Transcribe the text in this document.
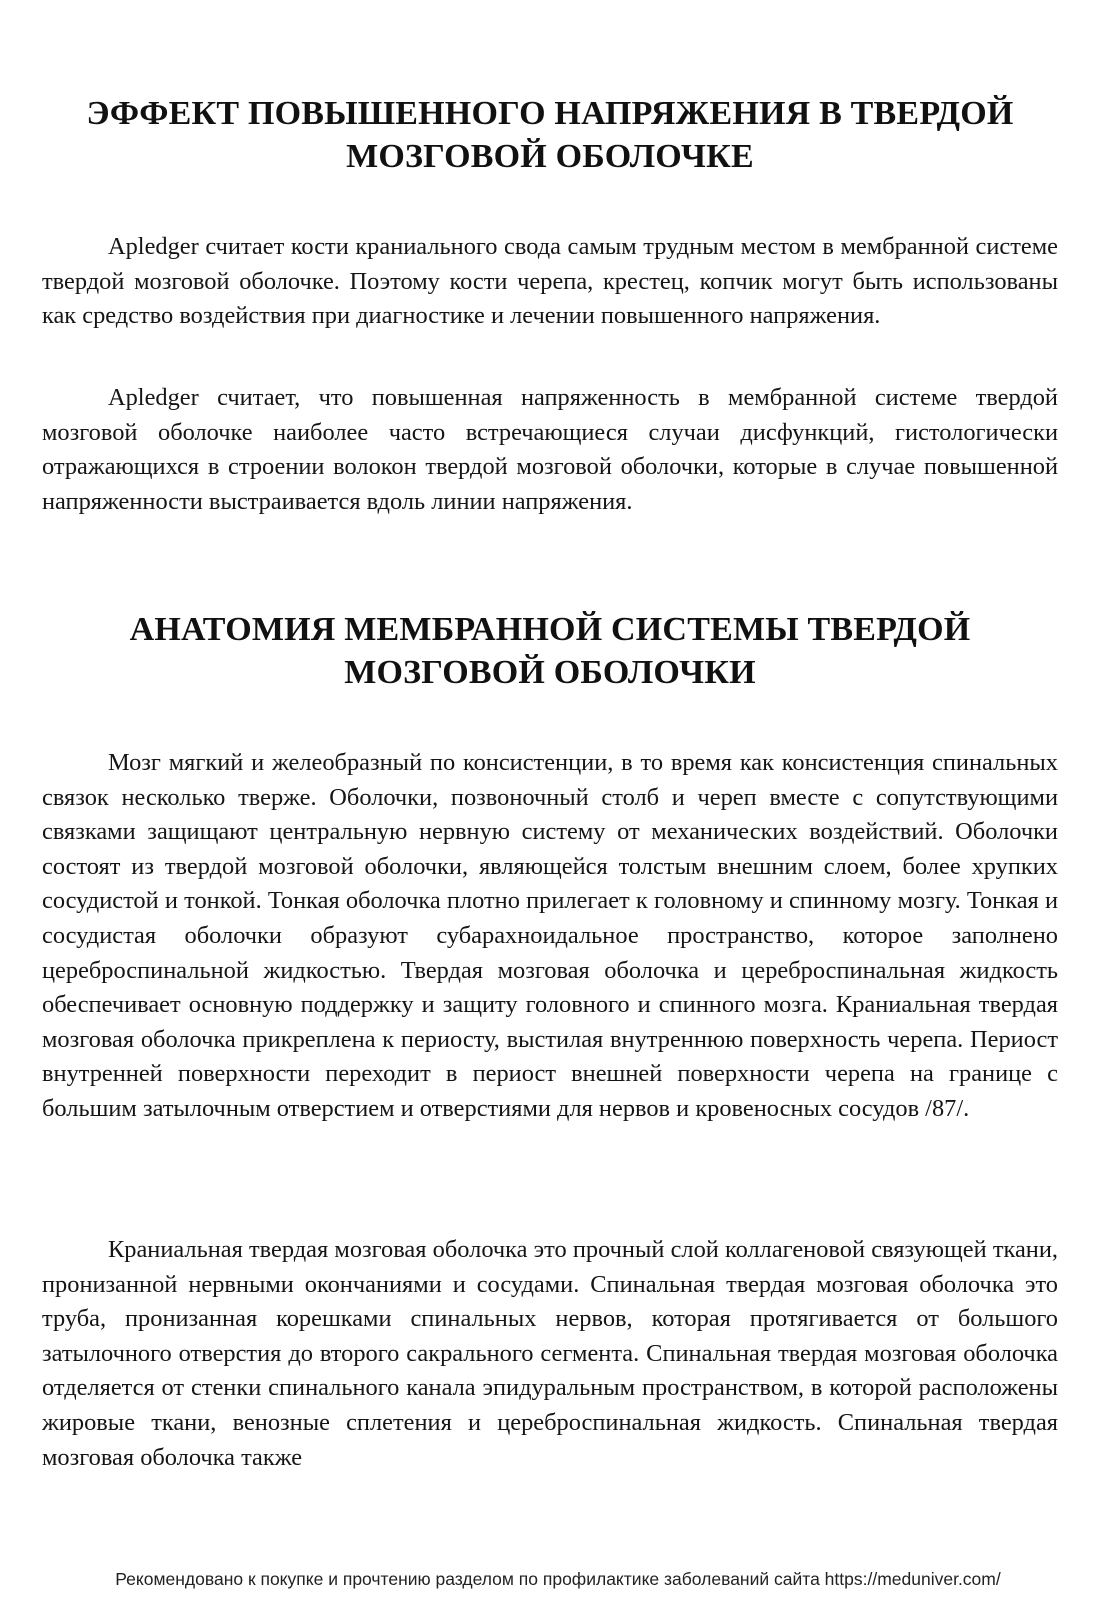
ЭФФЕКТ ПОВЫШЕННОГО НАПРЯЖЕНИЯ В ТВЕРДОЙ
МОЗГОВОЙ ОБОЛОЧКЕ

Apledger считает кости краниального свода самым трудным местом в мембранной системе твердой мозговой оболочке. Поэтому кости черепа, крестец, копчик могут быть использованы как средство воздействия при диагностике и лечении повышенного напряжения.

Apledger считает, что повышенная напряженность в мембранной системе твердой мозговой оболочке наиболее часто встречающиеся случаи дисфункций, гистологически отражающихся в строении волокон твердой мозговой оболочки, которые в случае повышенной напряженности выстраивается вдоль линии напряжения.

АНАТОМИЯ МЕМБРАННОЙ СИСТЕМЫ ТВЕРДОЙ
МОЗГОВОЙ ОБОЛОЧКИ

Мозг мягкий и желеобразный по консистенции, в то время как консистенция спинальных связок несколько тверже. Оболочки, позвоночный столб и череп вместе с сопутствующими связками защищают центральную нервную систему от механических воздействий. Оболочки состоят из твердой мозговой оболочки, являющейся толстым внешним слоем, более хрупких сосудистой и тонкой. Тонкая оболочка плотно прилегает к головному и спинному мозгу. Тонкая и сосудистая оболочки образуют субарахноидальное пространство, которое заполнено цереброспинальной жидкостью. Твердая мозговая оболочка и цереброспинальная жидкость обеспечивает основную поддержку и защиту головного и спинного мозга. Краниальная твердая мозговая оболочка прикреплена к периосту, выстилая внутреннюю поверхность черепа. Периост внутренней поверхности переходит в периост внешней поверхности черепа на границе с большим затылочным отверстием и отверстиями для нервов и кровеносных сосудов /87/.

Краниальная твердая мозговая оболочка это прочный слой коллагеновой связующей ткани, пронизанной нервными окончаниями и сосудами. Спинальная твердая мозговая оболочка это труба, пронизанная корешками спинальных нервов, которая протягивается от большого затылочного отверстия до второго сакрального сегмента. Спинальная твердая мозговая оболочка отделяется от стенки спинального канала эпидуральным пространством, в которой расположены жировые ткани, венозные сплетения и цереброспинальная жидкость. Спинальная твердая мозговая оболочка также

Рекомендовано к покупке и прочтению разделом по профилактике заболеваний сайта https://meduniver.com/
